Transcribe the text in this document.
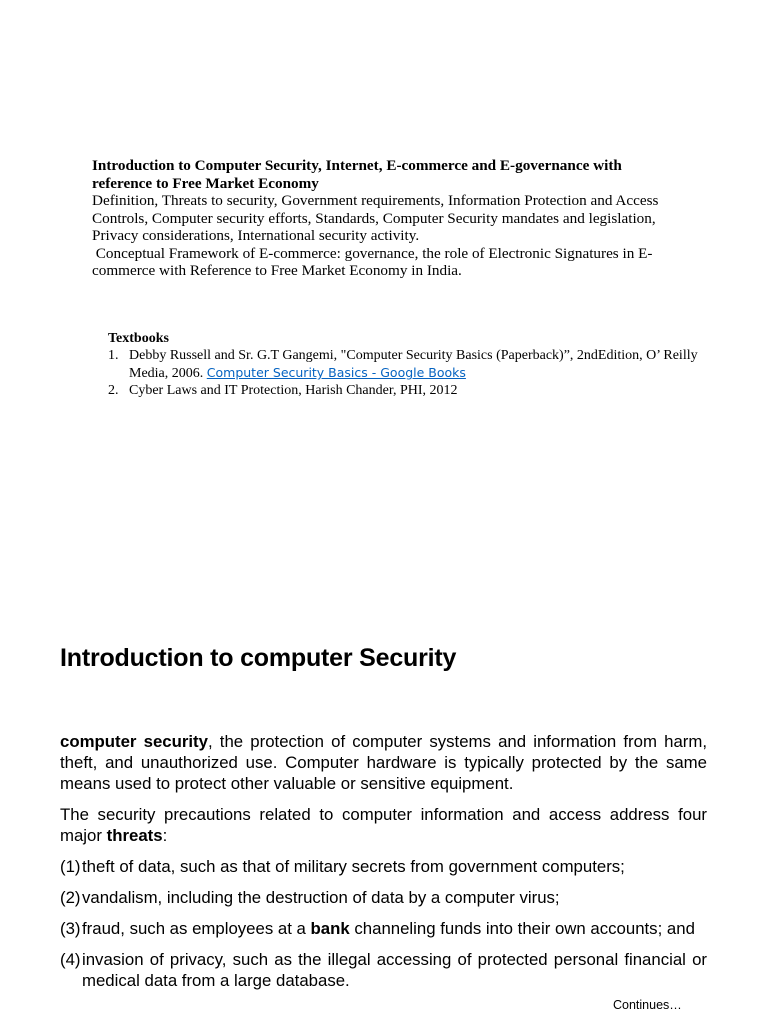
Introduction to Computer Security, Internet, E-commerce and E-governance with reference to Free Market Economy

Definition, Threats to security, Government requirements, Information Protection and Access Controls, Computer security efforts, Standards, Computer Security mandates and legislation, Privacy considerations, International security activity.

Conceptual Framework of E-commerce: governance, the role of Electronic Signatures in E-commerce with Reference to Free Market Economy in India.

Textbooks
1. Debby Russell and Sr. G.T Gangemi, "Computer Security Basics (Paperback)”, 2ndEdition, O’ Reilly Media, 2006. Computer Security Basics - Google Books
2. Cyber Laws and IT Protection, Harish Chander, PHI, 2012
Introduction to computer Security

computer security, the protection of computer systems and information from harm, theft, and unauthorized use. Computer hardware is typically protected by the same means used to protect other valuable or sensitive equipment.

The security precautions related to computer information and access address four major threats:

(1) theft of data, such as that of military secrets from government computers;
(2) vandalism, including the destruction of data by a computer virus;
(3) fraud, such as employees at a bank channeling funds into their own accounts; and
(4) invasion of privacy, such as the illegal accessing of protected personal financial or medical data from a large database.
Continues…
